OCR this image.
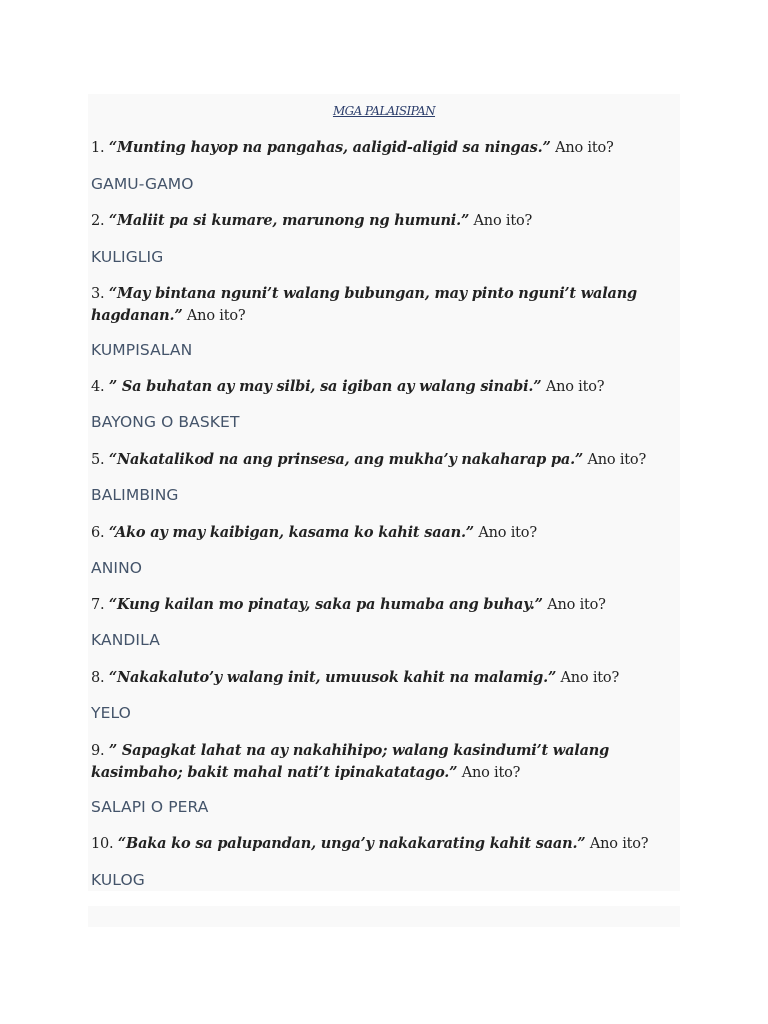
MGA PALAISIPAN
1. “Munting hayop na pangahas, aaligid-aligid sa ningas.” Ano ito?
GAMU-GAMO
2. “Maliit pa si kumare, marunong ng humuni.” Ano ito?
KULIGLIG
3. “May bintana nguni’t walang bubungan, may pinto nguni’t walang hagdanan.” Ano ito?
KUMPISALAN
4. ” Sa buhatan ay may silbi, sa igiban ay walang sinabi.” Ano ito?
BAYONG O BASKET
5. “Nakatalikod na ang prinsesa, ang mukha’y nakaharap pa.” Ano ito?
BALIMBING
6. “Ako ay may kaibigan, kasama ko kahit saan.” Ano ito?
ANINO
7. “Kung kailan mo pinatay, saka pa humaba ang buhay.” Ano ito?
KANDILA
8. “Nakakaluto’y walang init, umuusok kahit na malamig.” Ano ito?
YELO
9. ” Sapagkat lahat na ay nakahihipo; walang kasindumi’t walang kasimbaho; bakit mahal nati’t ipinakatatago.” Ano ito?
SALAPI O PERA
10. “Baka ko sa palupandan, unga’y nakakarating kahit saan.” Ano ito?
KULOG
